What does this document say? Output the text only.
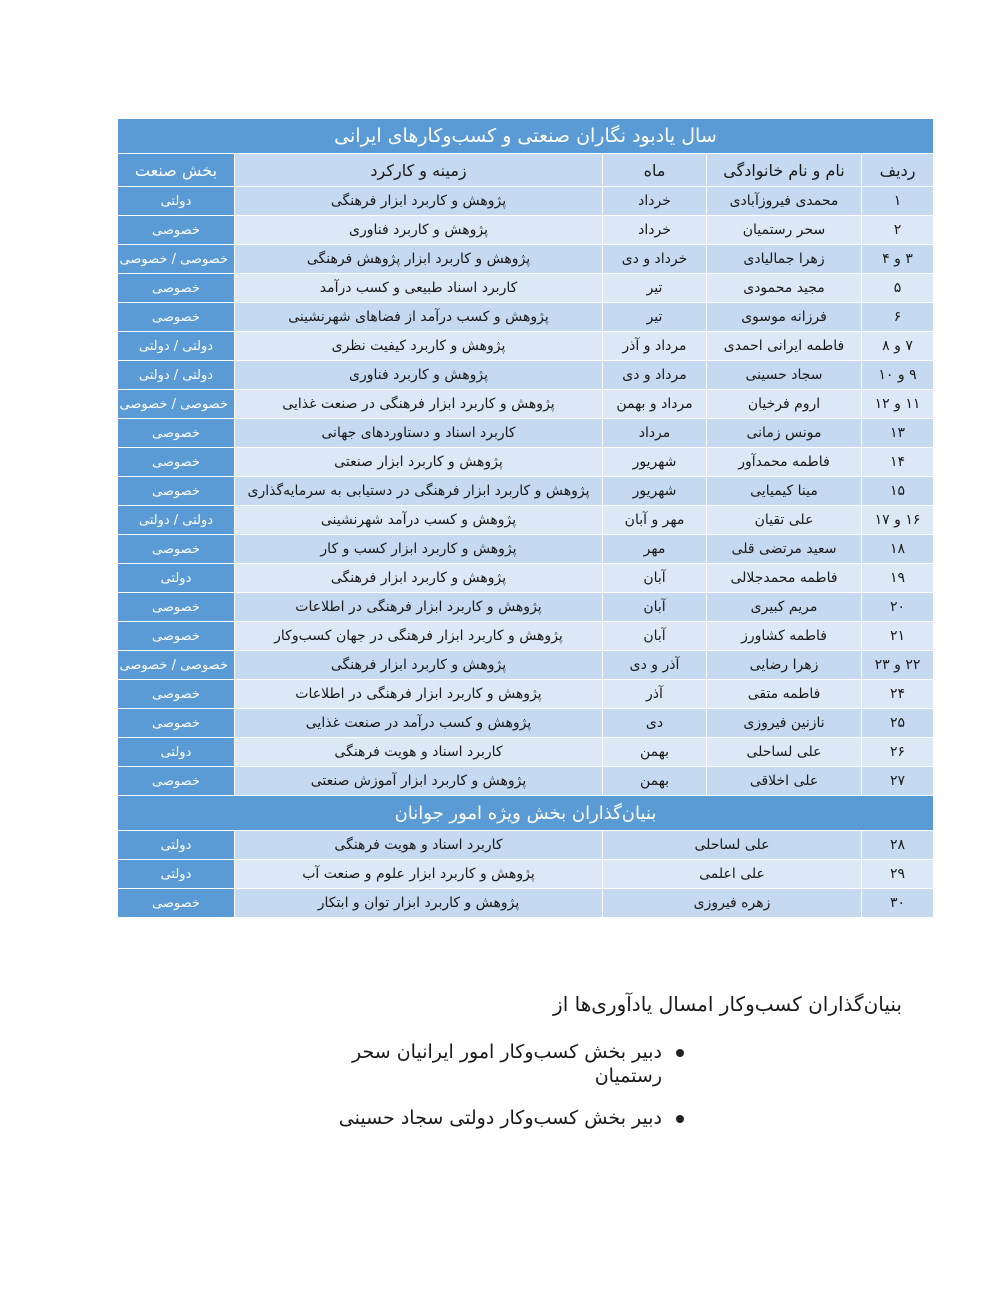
سال یادبود نگاران صنعتی و کسب‌وکارهای ایرانی				
ردیف	نام و نام خانوادگی	ماه	زمینه و کارکرد	بخش صنعت
۱	محمدی فیروزآبادی	خرداد	پژوهش و کاربرد ابزار فرهنگی	دولتی
۲	سحر رستمیان	خرداد	پژوهش و کاربرد فناوری	خصوصی
۳ و ۴	زهرا جمالیادی	خرداد و دی	پژوهش و کاربرد ابزار پژوهش فرهنگی	خصوصی / خصوصی
۵	مجید محمودی	تیر	کاربرد اسناد طبیعی و کسب درآمد	خصوصی
۶	فرزانه موسوی	تیر	پژوهش و کسب درآمد از فضاهای شهرنشینی	خصوصی
۷ و ۸	فاطمه ایرانی احمدی	مرداد و آذر	پژوهش و کاربرد کیفیت نظری	دولتی / دولتی
۹ و ۱۰	سجاد حسینی	مرداد و دی	پژوهش و کاربرد فناوری	دولتی / دولتی
۱۱ و ۱۲	اروم فرخیان	مرداد و بهمن	پژوهش و کاربرد ابزار فرهنگی در صنعت غذایی	خصوصی / خصوصی
۱۳	مونس زمانی	مرداد	کاربرد اسناد و دستاوردهای جهانی	خصوصی
۱۴	فاطمه محمدآور	شهریور	پژوهش و کاربرد ابزار صنعتی	خصوصی
۱۵	مینا کیمیایی	شهریور	پژوهش و کاربرد ابزار فرهنگی در دستیابی به سرمایه‌گذاری	خصوصی
۱۶ و ۱۷	علی تقیان	مهر و آبان	پژوهش و کسب درآمد شهرنشینی	دولتی / دولتی
۱۸	سعید مرتضی قلی	مهر	پژوهش و کاربرد ابزار کسب و کار	خصوصی
۱۹	فاطمه محمدجلالی	آبان	پژوهش و کاربرد ابزار فرهنگی	دولتی
۲۰	مریم کبیری	آبان	پژوهش و کاربرد ابزار فرهنگی در اطلاعات	خصوصی
۲۱	فاطمه کشاورز	آبان	پژوهش و کاربرد ابزار فرهنگی در جهان کسب‌وکار	خصوصی
۲۲ و ۲۳	زهرا رضایی	آذر و دی	پژوهش و کاربرد ابزار فرهنگی	خصوصی / خصوصی
۲۴	فاطمه متقی	آذر	پژوهش و کاربرد ابزار فرهنگی در اطلاعات	خصوصی
۲۵	نازنین فیروزی	دی	پژوهش و کسب درآمد در صنعت غذایی	خصوصی
۲۶	علی لساحلی	بهمن	کاربرد اسناد و هویت فرهنگی	دولتی
۲۷	علی اخلاقی	بهمن	پژوهش و کاربرد ابزار آموزش صنعتی	خصوصی
بنیان‌گذاران بخش ویژه امور جوانان				
۲۸	علی لساحلی		کاربرد اسناد و هویت فرهنگی	دولتی
۲۹	علی اعلمی		پژوهش و کاربرد ابزار علوم و صنعت آب	دولتی
۳۰	زهره فیروزی		پژوهش و کاربرد ابزار توان و ابتکار	خصوصی
بنیان‌گذاران کسب‌وکار امسال یادآوری‌ها از
دبیر بخش کسب‌وکار امور ایرانیان سحر رستمیان
دبیر بخش کسب‌وکار دولتی سجاد حسینی
